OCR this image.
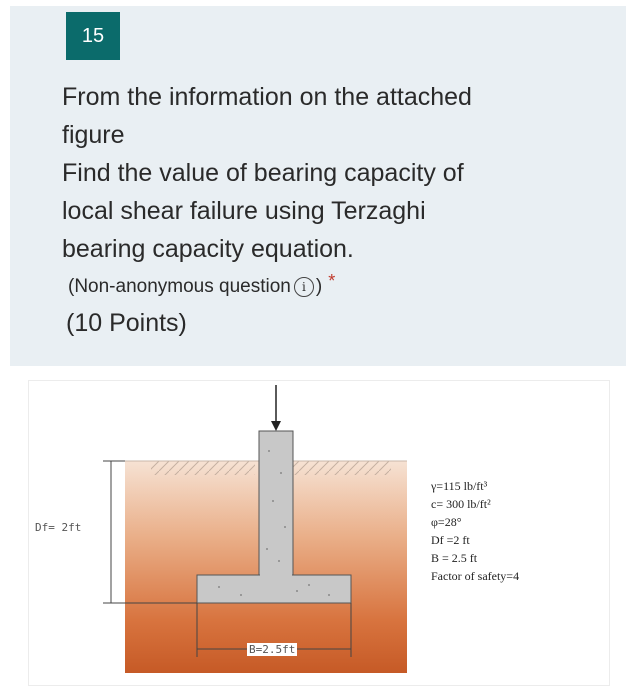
15
From the information on the attached
figure
Find the value of bearing capacity of
local shear failure using Terzaghi
bearing capacity equation.
(Non-anonymous question i ) *
(10 Points)
Df= 2ft
B=2.5ft
γ=115 lb/ft³
c= 300 lb/ft²
φ=28°
Df =2 ft
B = 2.5 ft
Factor of safety=4
